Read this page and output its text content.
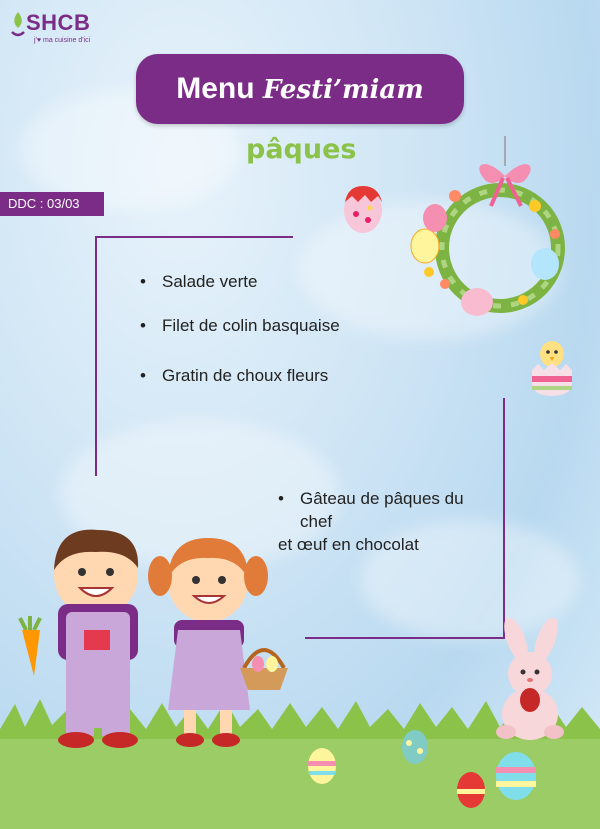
SHCB
j'♥ ma cuisine d'ici
Menu Festi’miam
pâques
DDC : 03/03
• Salade verte
• Filet de colin basquaise
• Gratin de choux fleurs
• Gâteau de pâques du
chef
et œuf en chocolat
